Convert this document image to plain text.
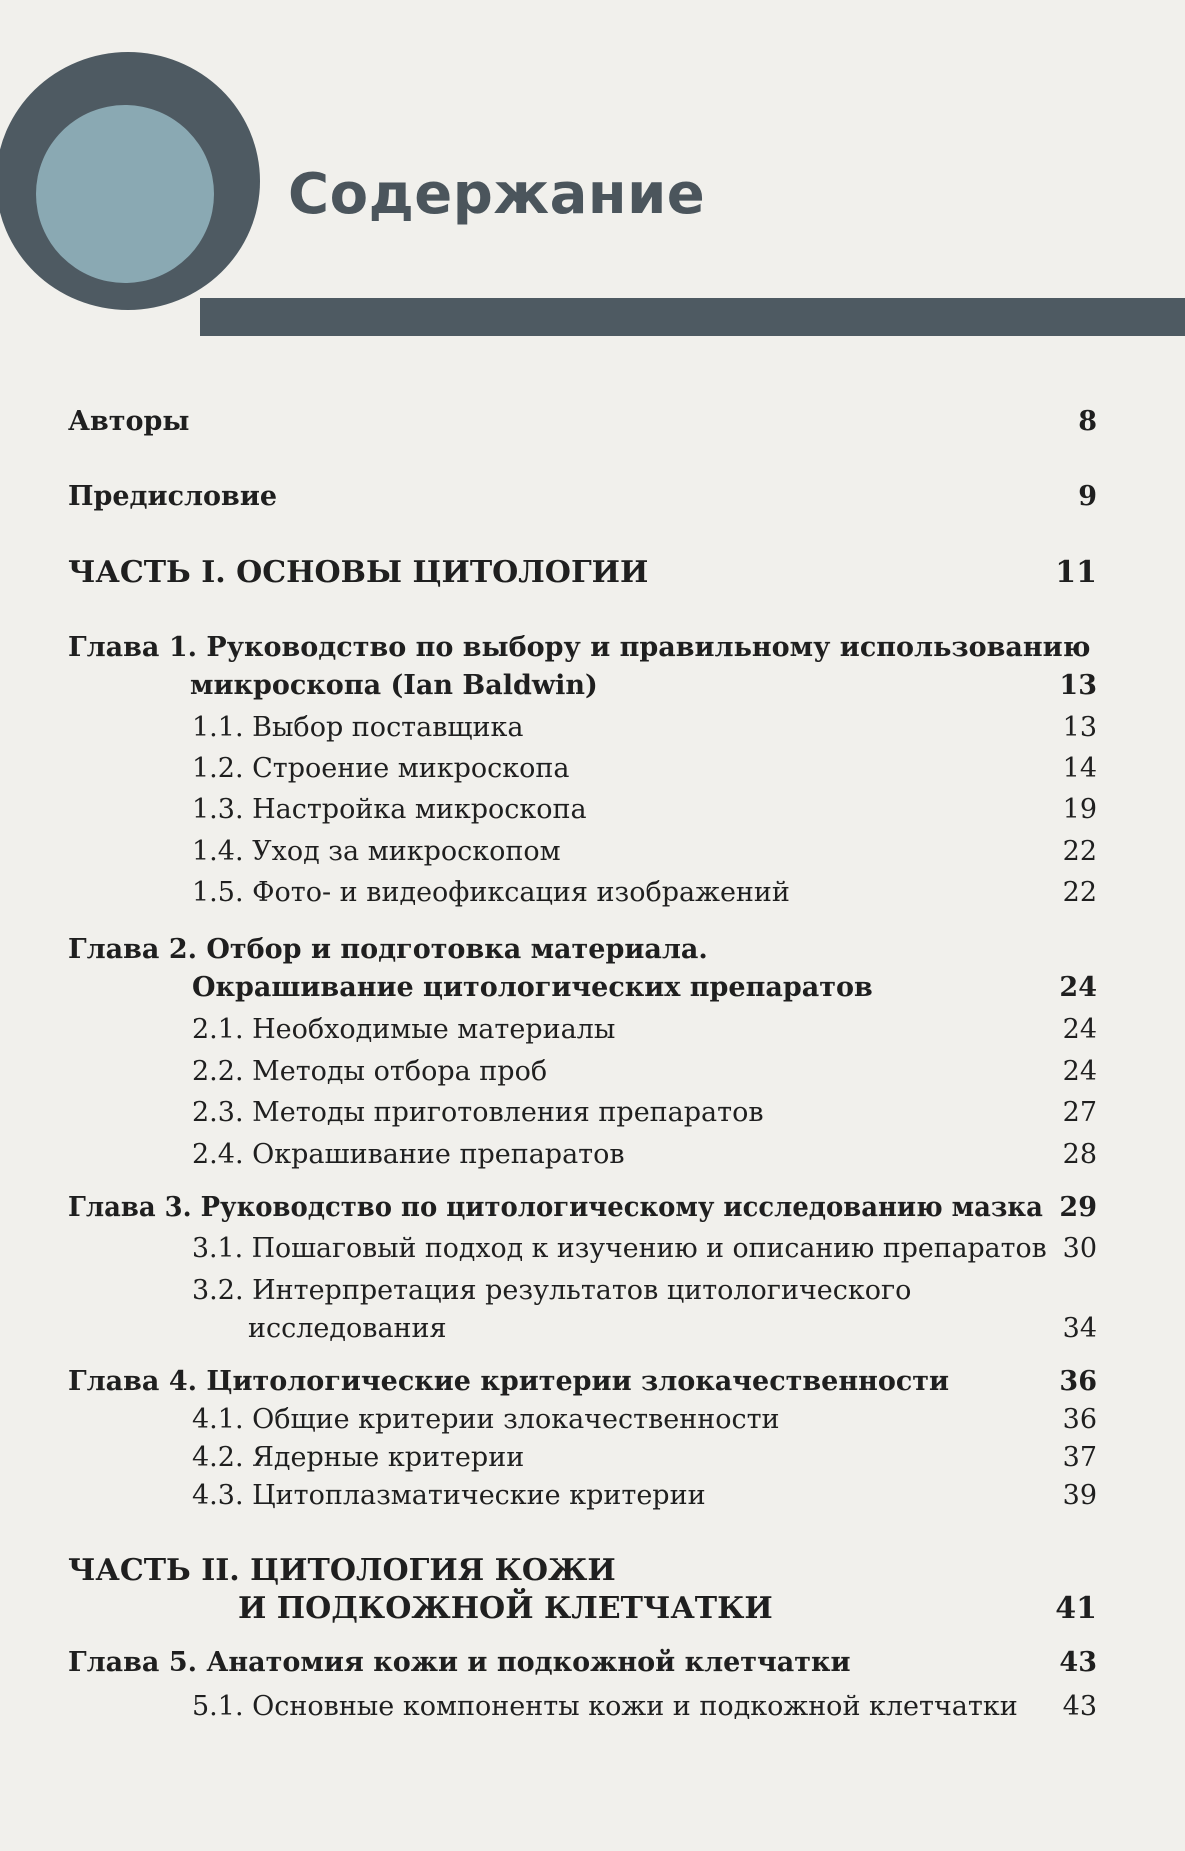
Содержание
Авторы	8
Предисловие	9
ЧАСТЬ I. ОСНОВЫ ЦИТОЛОГИИ	11
Глава 1. Руководство по выбору и правильному использованию
микроскопа (Ian Baldwin)	13
1.1. Выбор поставщика	13
1.2. Строение микроскопа	14
1.3. Настройка микроскопа	19
1.4. Уход за микроскопом	22
1.5. Фото- и видеофиксация изображений	22
Глава 2. Отбор и подготовка материала.
Окрашивание цитологических препаратов	24
2.1. Необходимые материалы	24
2.2. Методы отбора проб	24
2.3. Методы приготовления препаратов	27
2.4. Окрашивание препаратов	28
Глава 3. Руководство по цитологическому исследованию мазка 29
3.1. Пошаговый подход к изучению и описанию препаратов 30
3.2. Интерпретация результатов цитологического
исследования	34
Глава 4. Цитологические критерии злокачественности	36
4.1. Общие критерии злокачественности	36
4.2. Ядерные критерии	37
4.3. Цитоплазматические критерии	39
ЧАСТЬ II. ЦИТОЛОГИЯ КОЖИ
И ПОДКОЖНОЙ КЛЕТЧАТКИ	41
Глава 5. Анатомия кожи и подкожной клетчатки	43
5.1. Основные компоненты кожи и подкожной клетчатки 43
